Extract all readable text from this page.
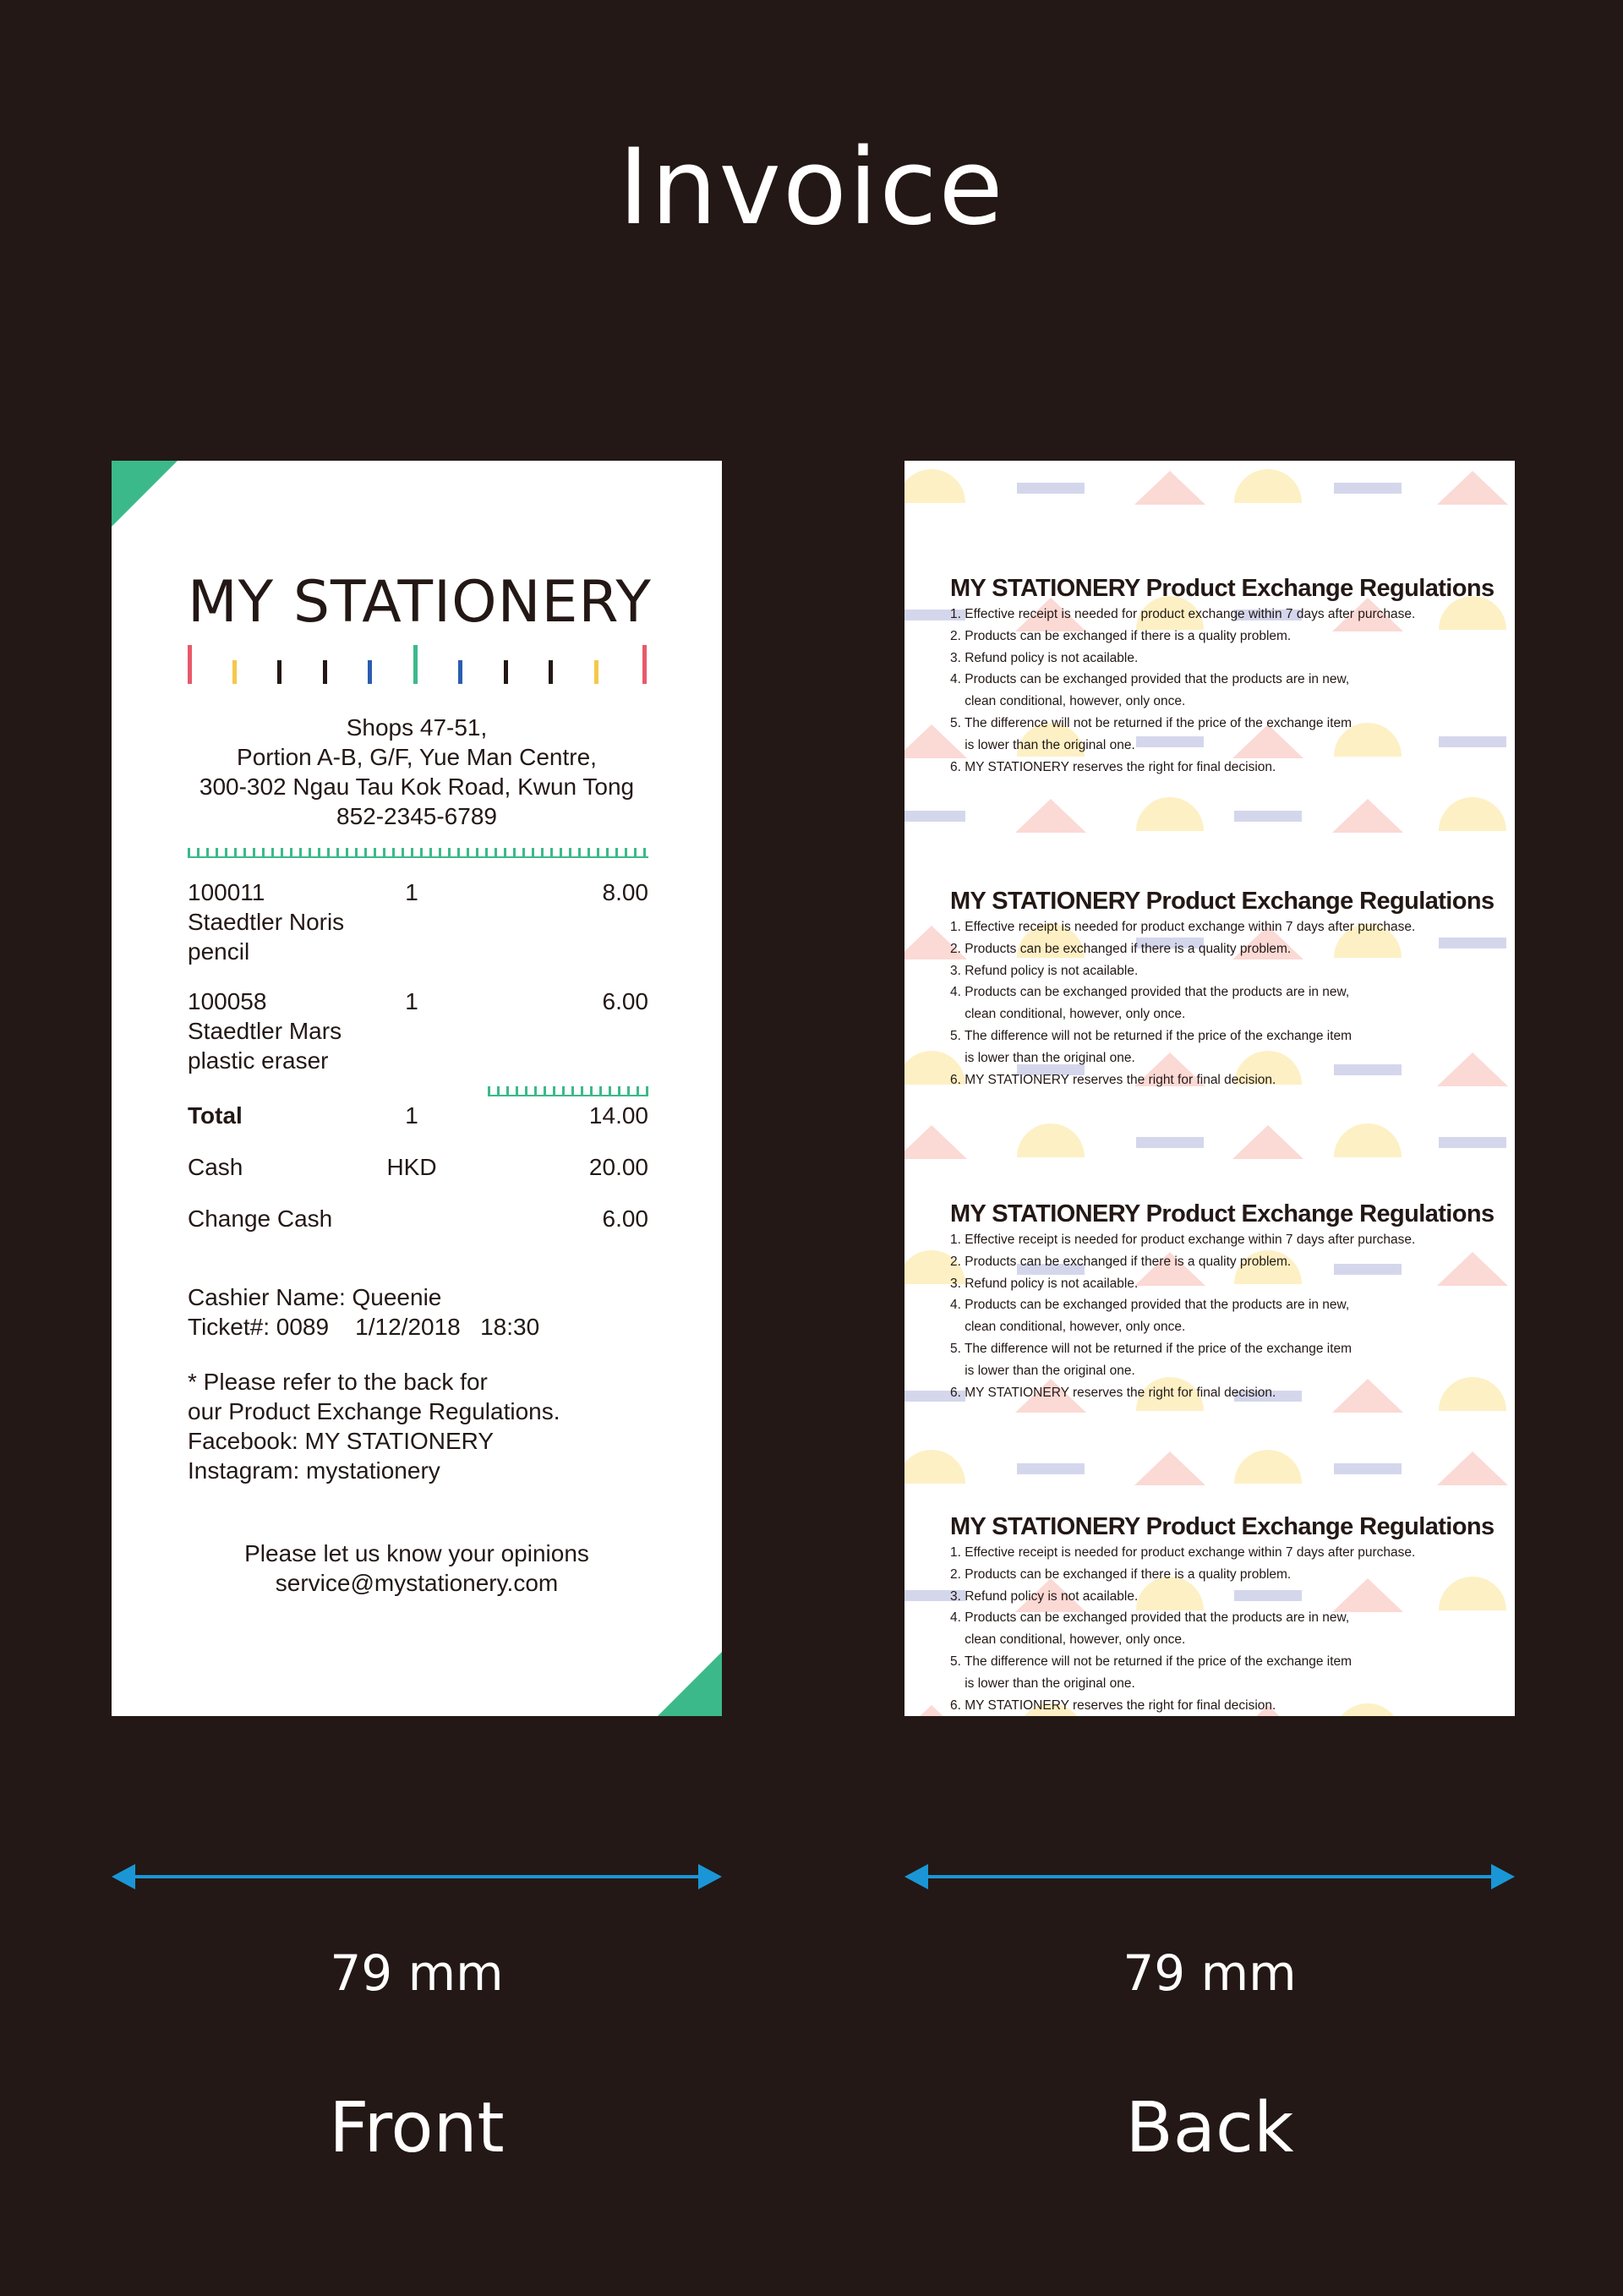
Invoice
M
Y STATIONERY
Shops 47-51,
Portion A-B, G/F, Yue Man Centre,
300-302 Ngau Tau Kok Road, Kwun Tong
852-2345-6789
100011	1	8.00
Staedtler Noris
pencil
100058	1	6.00
Staedtler Mars
plastic eraser
Total	1	14.00
Cash	HKD	20.00
Change Cash	6.00
Cashier Name: Queenie
Ticket#: 0089    1/12/2018   18:30
* Please refer to the back for
our Product Exchange Regulations.
Facebook: MY STATIONERY
Instagram: mystationery
Please let us know your opinions
service@mystationery.com
MY STATIONERY Product Exchange Regulations
1. Effective receipt is needed for product exchange within 7 days after purchase.
2. Products can be exchanged if there is a quality problem.
3. Refund policy is not acailable.
4. Products can be exchanged provided that the products are in new,
clean conditional, however, only once.
5. The difference will not be returned if the price of the exchange item
is lower than the original one.
6. MY STATIONERY reserves the right for final decision.
MY STATIONERY Product Exchange Regulations
1. Effective receipt is needed for product exchange within 7 days after purchase.
2. Products can be exchanged if there is a quality problem.
3. Refund policy is not acailable.
4. Products can be exchanged provided that the products are in new,
clean conditional, however, only once.
5. The difference will not be returned if the price of the exchange item
is lower than the original one.
6. MY STATIONERY reserves the right for final decision.
MY STATIONERY Product Exchange Regulations
1. Effective receipt is needed for product exchange within 7 days after purchase.
2. Products can be exchanged if there is a quality problem.
3. Refund policy is not acailable.
4. Products can be exchanged provided that the products are in new,
clean conditional, however, only once.
5. The difference will not be returned if the price of the exchange item
is lower than the original one.
6. MY STATIONERY reserves the right for final decision.
MY STATIONERY Product Exchange Regulations
1. Effective receipt is needed for product exchange within 7 days after purchase.
2. Products can be exchanged if there is a quality problem.
3. Refund policy is not acailable.
4. Products can be exchanged provided that the products are in new,
clean conditional, however, only once.
5. The difference will not be returned if the price of the exchange item
is lower than the original one.
6. MY STATIONERY reserves the right for final decision.
79 mm	79 mm
Front	Back
